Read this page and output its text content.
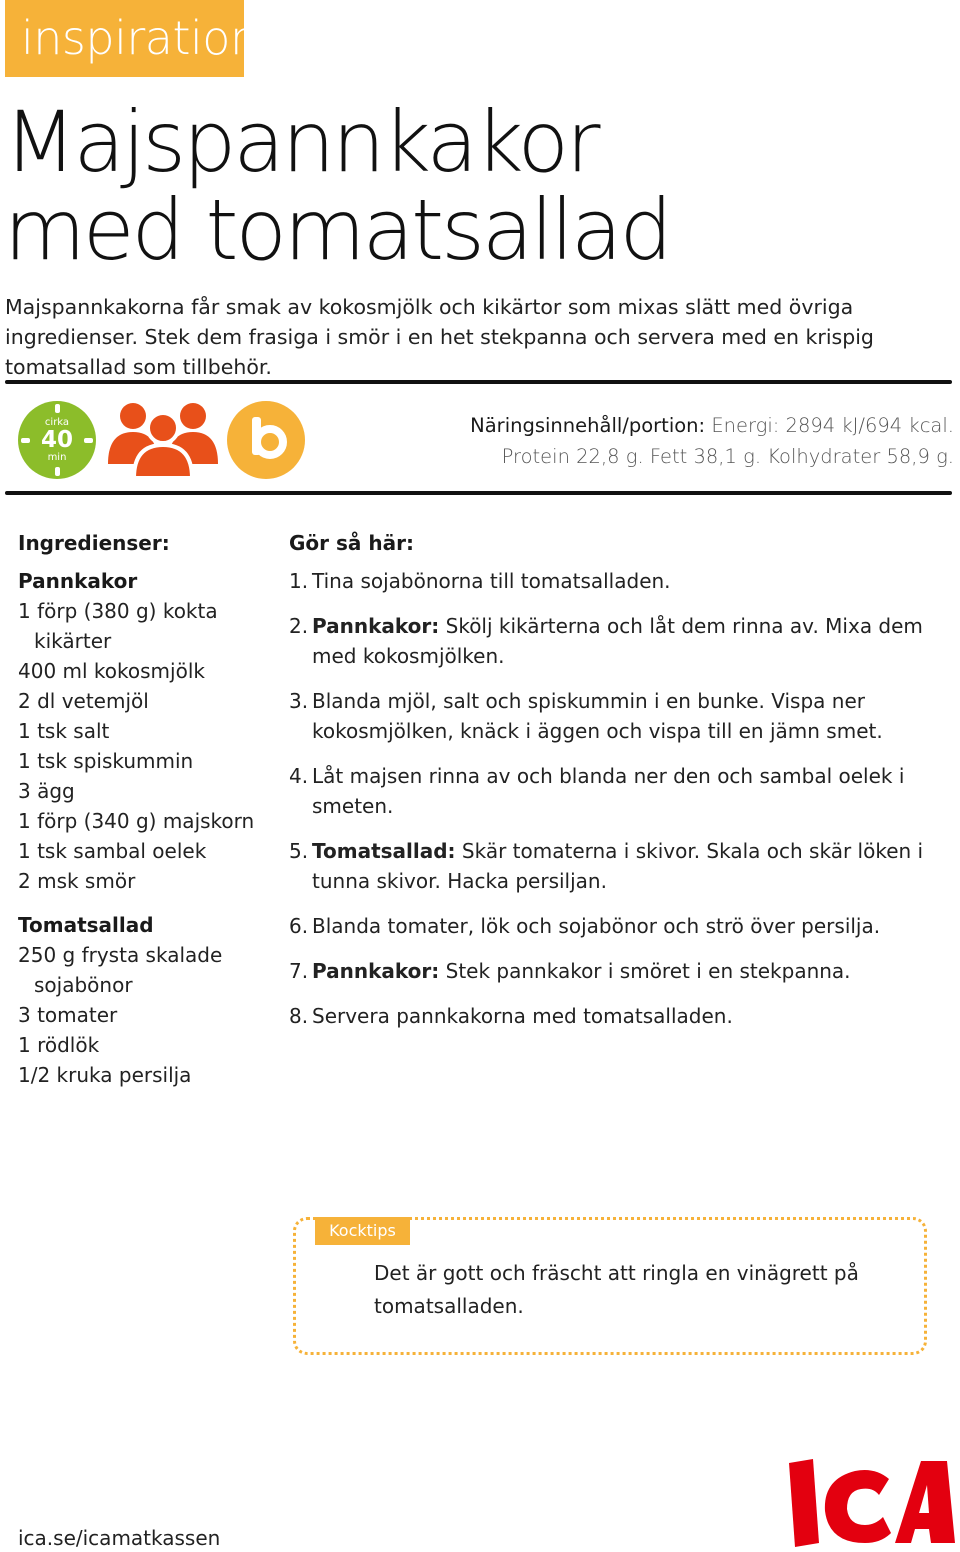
inspiration
Majspannkakor med tomatsallad
Majspannkakorna får smak av kokosmjölk och kikärtor som mixas slätt med övriga ingredienser. Stek dem frasiga i smör i en het stekpanna och servera med en krispig tomatsallad som tillbehör.
cirka
40
min
Näringsinnehåll/portion: Energi: 2894 kJ/694 kcal.
Protein 22,8 g. Fett 38,1 g. Kolhydrater 58,9 g.
Ingredienser:
Pannkakor
1 förp (380 g) kokta kikärter
400 ml kokosmjölk
2 dl vetemjöl
1 tsk salt
1 tsk spiskummin
3 ägg
1 förp (340 g) majskorn
1 tsk sambal oelek
2 msk smör
Tomatsallad
250 g frysta skalade sojabönor
3 tomater
1 rödlök
1/2 kruka persilja
Gör så här:
1. Tina sojabönorna till tomatsalladen.
2. Pannkakor: Skölj kikärterna och låt dem rinna av. Mixa dem med kokosmjölken.
3. Blanda mjöl, salt och spiskummin i en bunke. Vispa ner kokosmjölken, knäck i äggen och vispa till en jämn smet.
4. Låt majsen rinna av och blanda ner den och sambal oelek i smeten.
5. Tomatsallad: Skär tomaterna i skivor. Skala och skär löken i tunna skivor. Hacka persiljan.
6. Blanda tomater, lök och sojabönor och strö över persilja.
7. Pannkakor: Stek pannkakor i smöret i en stekpanna.
8. Servera pannkakorna med tomatsalladen.
Kocktips
Det är gott och fräscht att ringla en vinägrett på tomatsalladen.
ica.se/icamatkassen
